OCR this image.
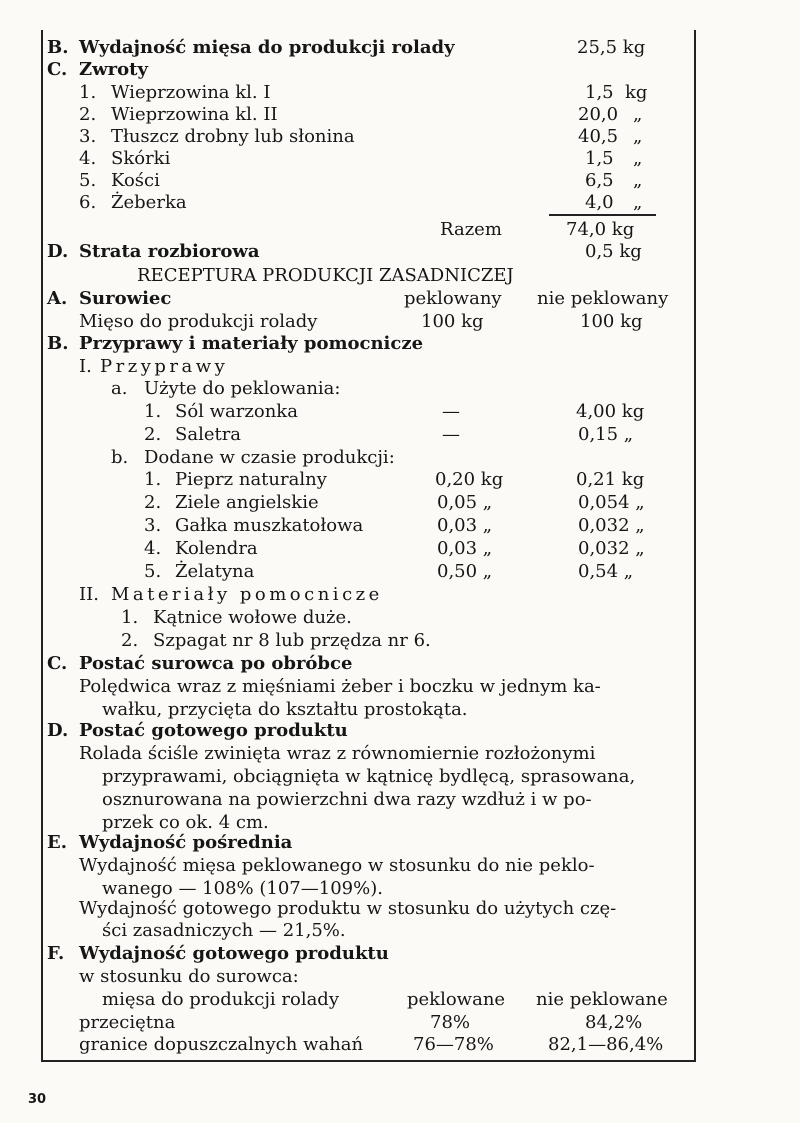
B. Wydajność mięsa do produkcji rolady	25,5 kg
C. Zwroty
1. Wieprzowina kl. I	1,5 kg
2. Wieprzowina kl. II	20,0 „
3. Tłuszcz drobny lub słonina	40,5 „
4. Skórki	1,5 „
5. Kości	6,5 „
6. Żeberka	4,0 „
Razem	74,0 kg
D. Strata rozbiorowa	0,5 kg
RECEPTURA PRODUKCJI ZASADNICZEJ
A. Surowiec	peklowany nie peklowany
Mięso do produkcji rolady	100 kg	100 kg
B. Przyprawy i materiały pomocnicze
I. Przyprawy
a. Użyte do peklowania:
1. Sól warzonka	—	4,00 kg
2. Saletra	—	0,15 „
b. Dodane w czasie produkcji:
1. Pieprz naturalny	0,20 kg	0,21 kg
2. Ziele angielskie	0,05 „	0,054 „
3. Gałka muszkatołowa	0,03 „	0,032 „
4. Kolendra	0,03 „	0,032 „
5. Żelatyna	0,50 „	0,54 „
II. Materiały pomocnicze
1. Kątnice wołowe duże.
2. Szpagat nr 8 lub przędza nr 6.
C. Postać surowca po obróbce
Polędwica wraz z mięśniami żeber i boczku w jednym ka-
wałku, przycięta do kształtu prostokąta.
D. Postać gotowego produktu
Rolada ściśle zwinięta wraz z równomiernie rozłożonymi
przyprawami, obciągnięta w kątnicę bydlęcą, sprasowana,
osznurowana na powierzchni dwa razy wzdłuż i w po-
przek co ok. 4 cm.
E. Wydajność pośrednia
Wydajność mięsa peklowanego w stosunku do nie peklo-
wanego — 108% (107—109%).
Wydajność gotowego produktu w stosunku do użytych czę-
ści zasadniczych — 21,5%.
F. Wydajność gotowego produktu
w stosunku do surowca:
mięsa do produkcji rolady	peklowane nie peklowane
przeciętna	78%	84,2%
granice dopuszczalnych wahań	76—78%	82,1—86,4%
30
